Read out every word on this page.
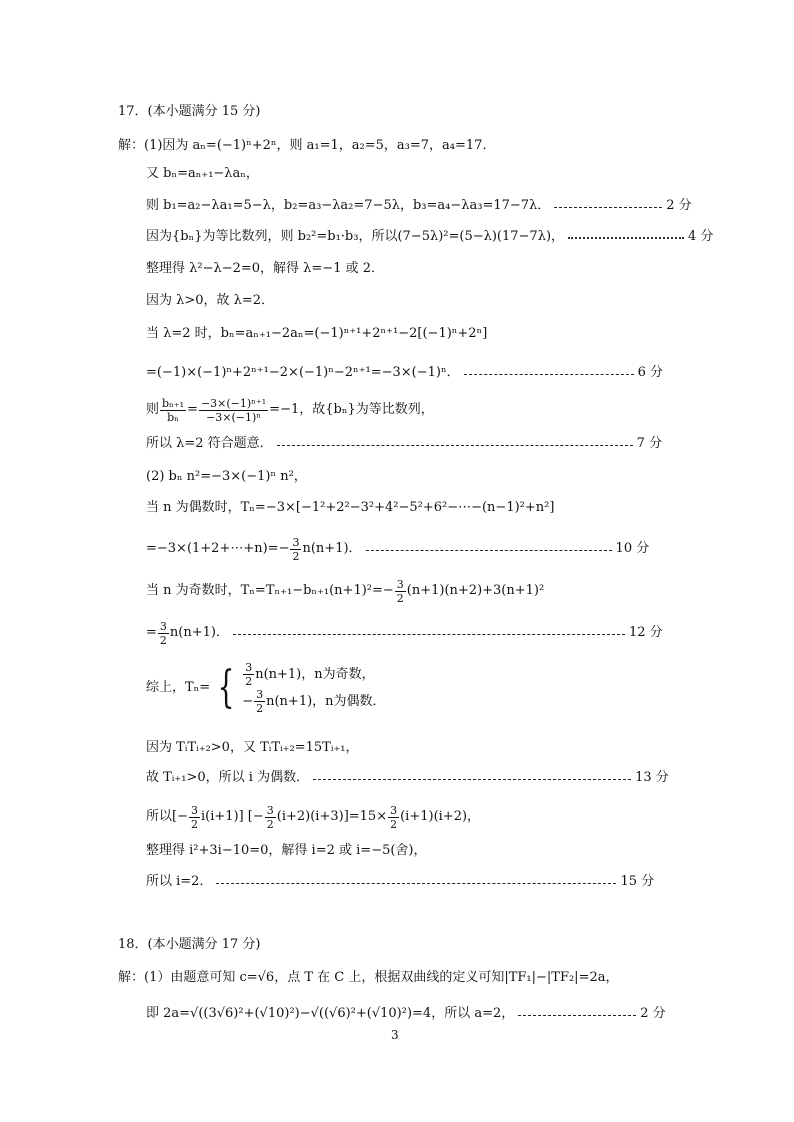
17．(本小题满分 15 分)
解：(1)因为 aₙ=(−1)ⁿ+2ⁿ，则 a₁=1，a₂=5，a₃=7，a₄=17．
又 bₙ=aₙ₊₁−λaₙ，
则 b₁=a₂−λa₁=5−λ，b₂=a₃−λa₂=7−5λ，b₃=a₄−λa₃=17−7λ．	2 分
因为{bₙ}为等比数列，则 b₂²=b₁·b₃，所以(7−5λ)²=(5−λ)(17−7λ)，	4 分
整理得 λ²−λ−2=0，解得 λ=−1 或 2．
因为 λ>0，故 λ=2．
当 λ=2 时，bₙ=aₙ₊₁−2aₙ=(−1)ⁿ⁺¹+2ⁿ⁺¹−2[(−1)ⁿ+2ⁿ]
=(−1)×(−1)ⁿ+2ⁿ⁺¹−2×(−1)ⁿ−2ⁿ⁺¹=−3×(−1)ⁿ．	6 分
则 $\frac{\text{bₙ₊₁}}{\text{bₙ}} = \frac{\text{−3×(−1)ⁿ⁺¹}}{\text{−3×(−1)ⁿ}} =-1$，故{bₙ}为等比数列，
所以 λ=2 符合题意．	7 分
(2) bₙ n²=−3×(−1)ⁿ n²，
当 n 为偶数时，Tₙ=−3×[−1²+2²−3²+4²−5²+6²−⋯−(n−1)²+n²]
=−3×(1+2+⋯+n)=− $\frac{3}{2} n(n+1)$．	10 分
当 n 为奇数时，$T_n=T_{n+1}-b_{n+1}(n+1)^2=- \frac{3}{2} (n+1)(n+2)+3(n+1)^2$
= $\frac{3}{2} n(n+1)$．	12 分
综上，Tₙ= { $\frac{3}{2} n(n+1)$，n为奇数，
− $\frac{3}{2} n(n+1)$，n为偶数．
因为 TᵢTᵢ₊₂>0，又 TᵢTᵢ₊₂=15Tᵢ₊₁，
故 Tᵢ₊₁>0，所以 i 为偶数．	13 分
所以[− $\frac{3}{2} i(i+1)$] [− $\frac{3}{2} (i+2)(i+3)]=15\times \frac{3}{2} (i+1)(i+2)$，
整理得 i²+3i−10=0，解得 i=2 或 i=−5(舍)，
所以 i=2．	15 分
18．(本小题满分 17 分)
解：(1）由题意可知 c=√6，点 T 在 C 上，根据双曲线的定义可知|TF₁|−|TF₂|=2a，
即 2a=√((3√6)²+(√10)²)−√((√6)²+(√10)²)=4，所以 a=2，	2 分
3
